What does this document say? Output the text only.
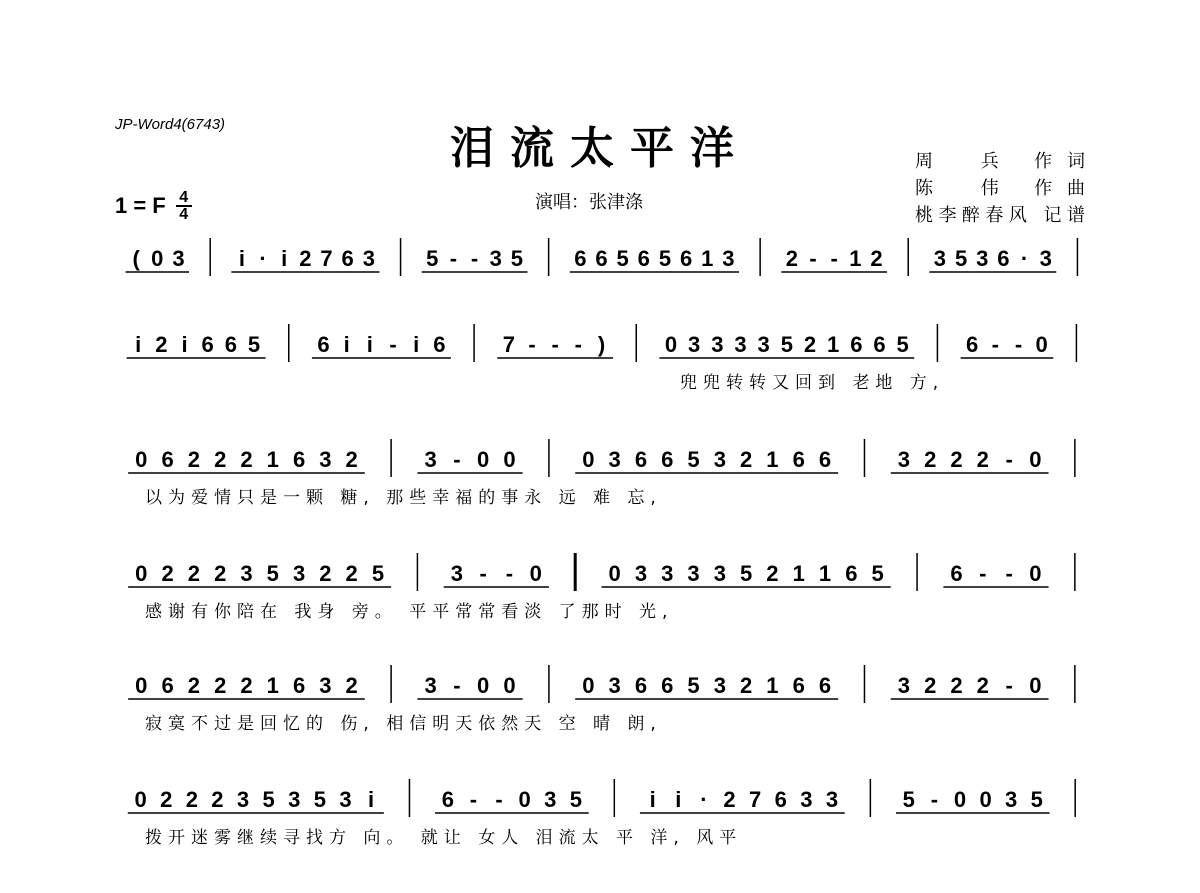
JP-Word4(6743)	泪流太平洋	周　兵 作词
陈　伟 作曲
桃李醉春风 记谱
1 = F 4
4
演唱：张津涤
( 0 3 i · i 2 7 6 3 5 - - 3 5 6 6 5 6 5 6 1 3 2 - - 1 2 3 5 3 6 · 3
i 2 i 6 6 5	6 i i - i 6	7 - - - )	0 3 3 3 3 5 2 1 6 6 5	6 - - 0
兜兜转转又回到 老地 方,
0 6 2 2 2 1 6 3 2	3 - 0 0	0 3 6 6 5 3 2 1 6 6	3 2 2 2 - 0
以为爱情只是一颗 糖, 那些幸福的事永 远 难 忘,
0 2 2 2 3 5 3 2 2 5	3 - - 0	0 3 3 3 3 5 2 1 1 6 5	6 - - 0
感谢有你陪在 我身 旁。 平平常常看淡 了那时 光,
0 6 2 2 2 1 6 3 2	3 - 0 0	0 3 6 6 5 3 2 1 6 6	3 2 2 2 - 0
寂寞不过是回忆的 伤, 相信明天依然天 空 晴 朗,
0 2 2 2 3 5 3 5 3 i	6 - - 0 3 5	i i · 2 7 6 3 3	5 - 0 0 3 5
拨开迷雾继续寻找方 向。 就让 女人 泪流太 平 洋, 风平
